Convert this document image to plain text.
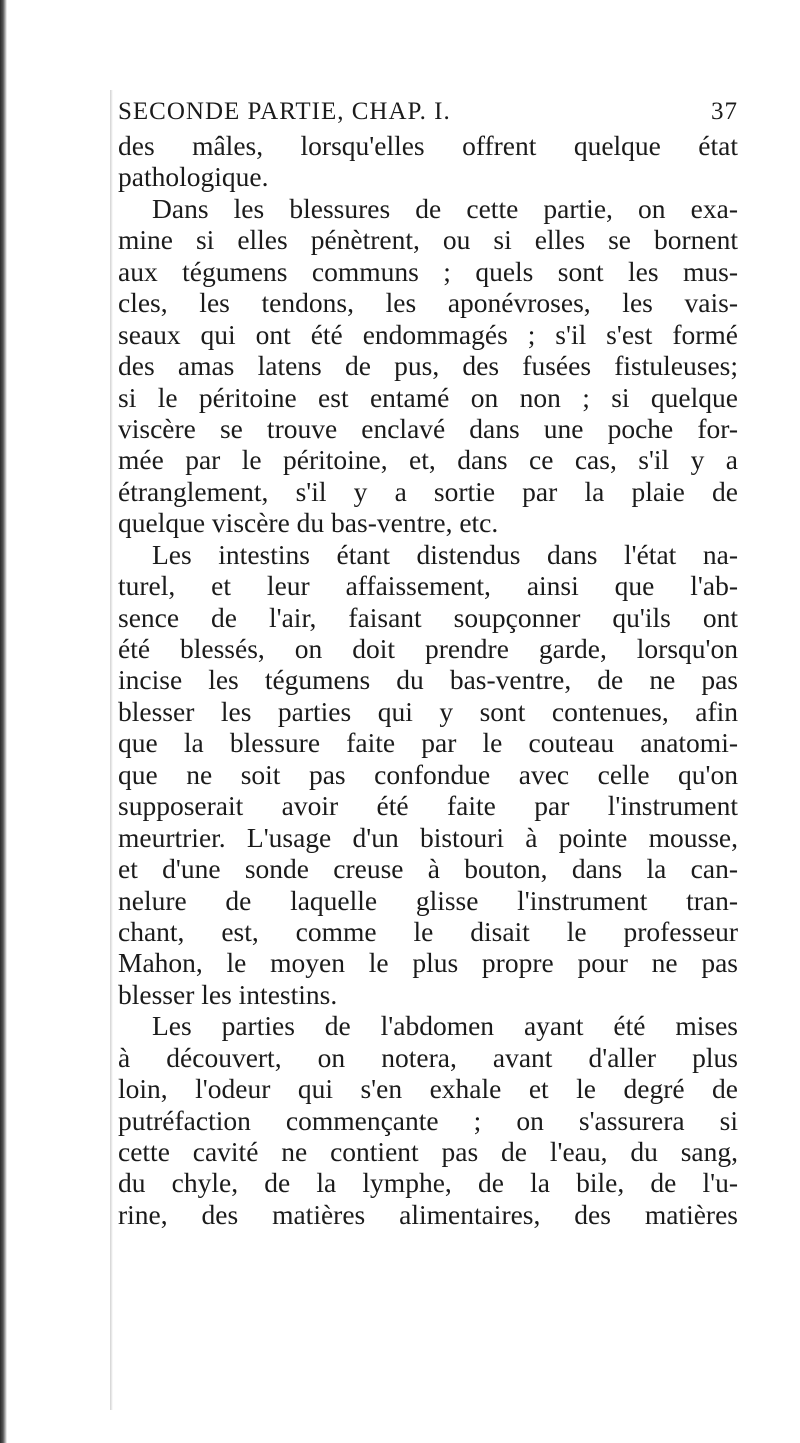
SECONDE PARTIE, CHAP. I.	37
des mâles, lorsqu'elles offrent quelque état
pathologique.
Dans les blessures de cette partie, on exa-
mine si elles pénètrent, ou si elles se bornent
aux tégumens communs ; quels sont les mus-
cles, les tendons, les aponévroses, les vais-
seaux qui ont été endommagés ; s'il s'est formé
des amas latens de pus, des fusées fistuleuses;
si le péritoine est entamé on non ; si quelque
viscère se trouve enclavé dans une poche for-
mée par le péritoine, et, dans ce cas, s'il y a
étranglement, s'il y a sortie par la plaie de
quelque viscère du bas-ventre, etc.
Les intestins étant distendus dans l'état na-
turel, et leur affaissement, ainsi que l'ab-
sence de l'air, faisant soupçonner qu'ils ont
été blessés, on doit prendre garde, lorsqu'on
incise les tégumens du bas-ventre, de ne pas
blesser les parties qui y sont contenues, afin
que la blessure faite par le couteau anatomi-
que ne soit pas confondue avec celle qu'on
supposerait avoir été faite par l'instrument
meurtrier. L'usage d'un bistouri à pointe mousse,
et d'une sonde creuse à bouton, dans la can-
nelure de laquelle glisse l'instrument tran-
chant, est, comme le disait le professeur
Mahon, le moyen le plus propre pour ne pas
blesser les intestins.
Les parties de l'abdomen ayant été mises
à découvert, on notera, avant d'aller plus
loin, l'odeur qui s'en exhale et le degré de
putréfaction commençante ; on s'assurera si
cette cavité ne contient pas de l'eau, du sang,
du chyle, de la lymphe, de la bile, de l'u-
rine, des matières alimentaires, des matières
